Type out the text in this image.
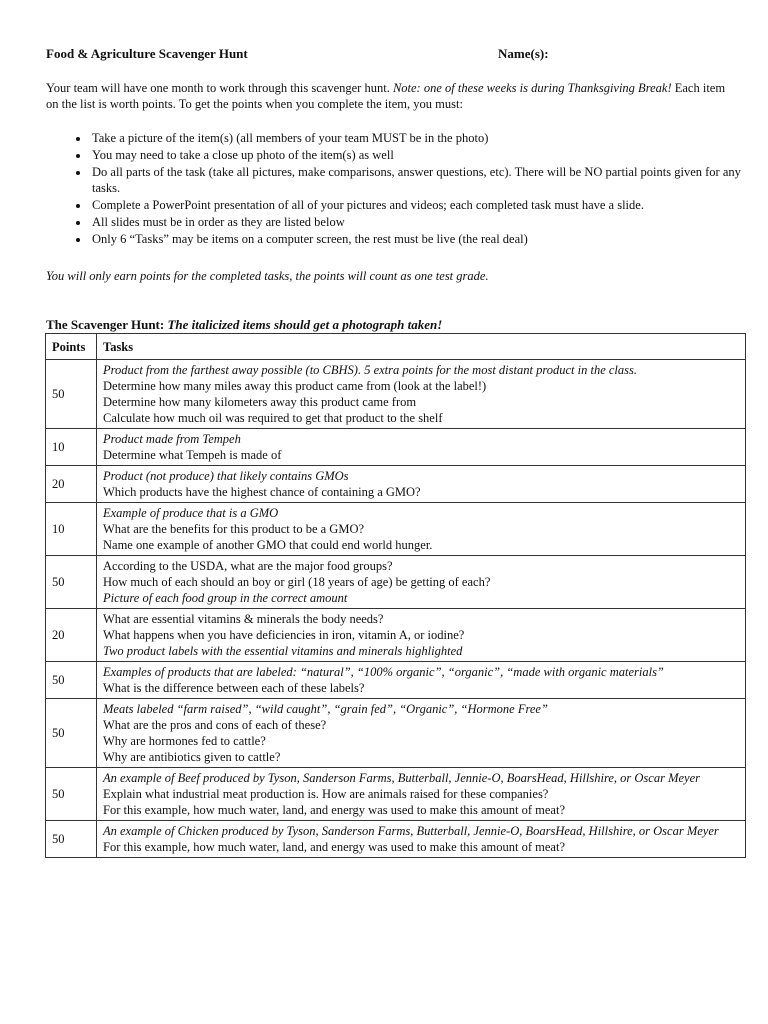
Food & Agriculture Scavenger Hunt	Name(s):
Your team will have one month to work through this scavenger hunt. Note: one of these weeks is during Thanksgiving Break! Each item on the list is worth points. To get the points when you complete the item, you must:
• Take a picture of the item(s) (all members of your team MUST be in the photo)
• You may need to take a close up photo of the item(s) as well
• Do all parts of the task (take all pictures, make comparisons, answer questions, etc). There will be NO partial points given for any tasks.
• Complete a PowerPoint presentation of all of your pictures and videos; each completed task must have a slide.
• All slides must be in order as they are listed below
• Only 6 “Tasks” may be items on a computer screen, the rest must be live (the real deal)
You will only earn points for the completed tasks, the points will count as one test grade.
The Scavenger Hunt: The italicized items should get a photograph taken!
Points	Tasks
50	Product from the farthest away possible (to CBHS). 5 extra points for the most distant product in the class.
Determine how many miles away this product came from (look at the label!)
Determine how many kilometers away this product came from
Calculate how much oil was required to get that product to the shelf

10	Product made from Tempeh
Determine what Tempeh is made of

20	Product (not produce) that likely contains GMOs
Which products have the highest chance of containing a GMO?

10	Example of produce that is a GMO
What are the benefits for this product to be a GMO?
Name one example of another GMO that could end world hunger.

50	According to the USDA, what are the major food groups?
How much of each should an boy or girl (18 years of age) be getting of each?
Picture of each food group in the correct amount

20	What are essential vitamins & minerals the body needs?
What happens when you have deficiencies in iron, vitamin A, or iodine?
Two product labels with the essential vitamins and minerals highlighted

50	Examples of products that are labeled: “natural”, “100% organic”, “organic”, “made with organic materials”
What is the difference between each of these labels?

50	Meats labeled “farm raised”, “wild caught”, “grain fed”, “Organic”, “Hormone Free”
What are the pros and cons of each of these?
Why are hormones fed to cattle?
Why are antibiotics given to cattle?

50	An example of Beef produced by Tyson, Sanderson Farms, Butterball, Jennie-O, BoarsHead, Hillshire, or Oscar Meyer
Explain what industrial meat production is. How are animals raised for these companies?
For this example, how much water, land, and energy was used to make this amount of meat?

50	An example of Chicken produced by Tyson, Sanderson Farms, Butterball, Jennie-O, BoarsHead, Hillshire, or Oscar Meyer
For this example, how much water, land, and energy was used to make this amount of meat?
